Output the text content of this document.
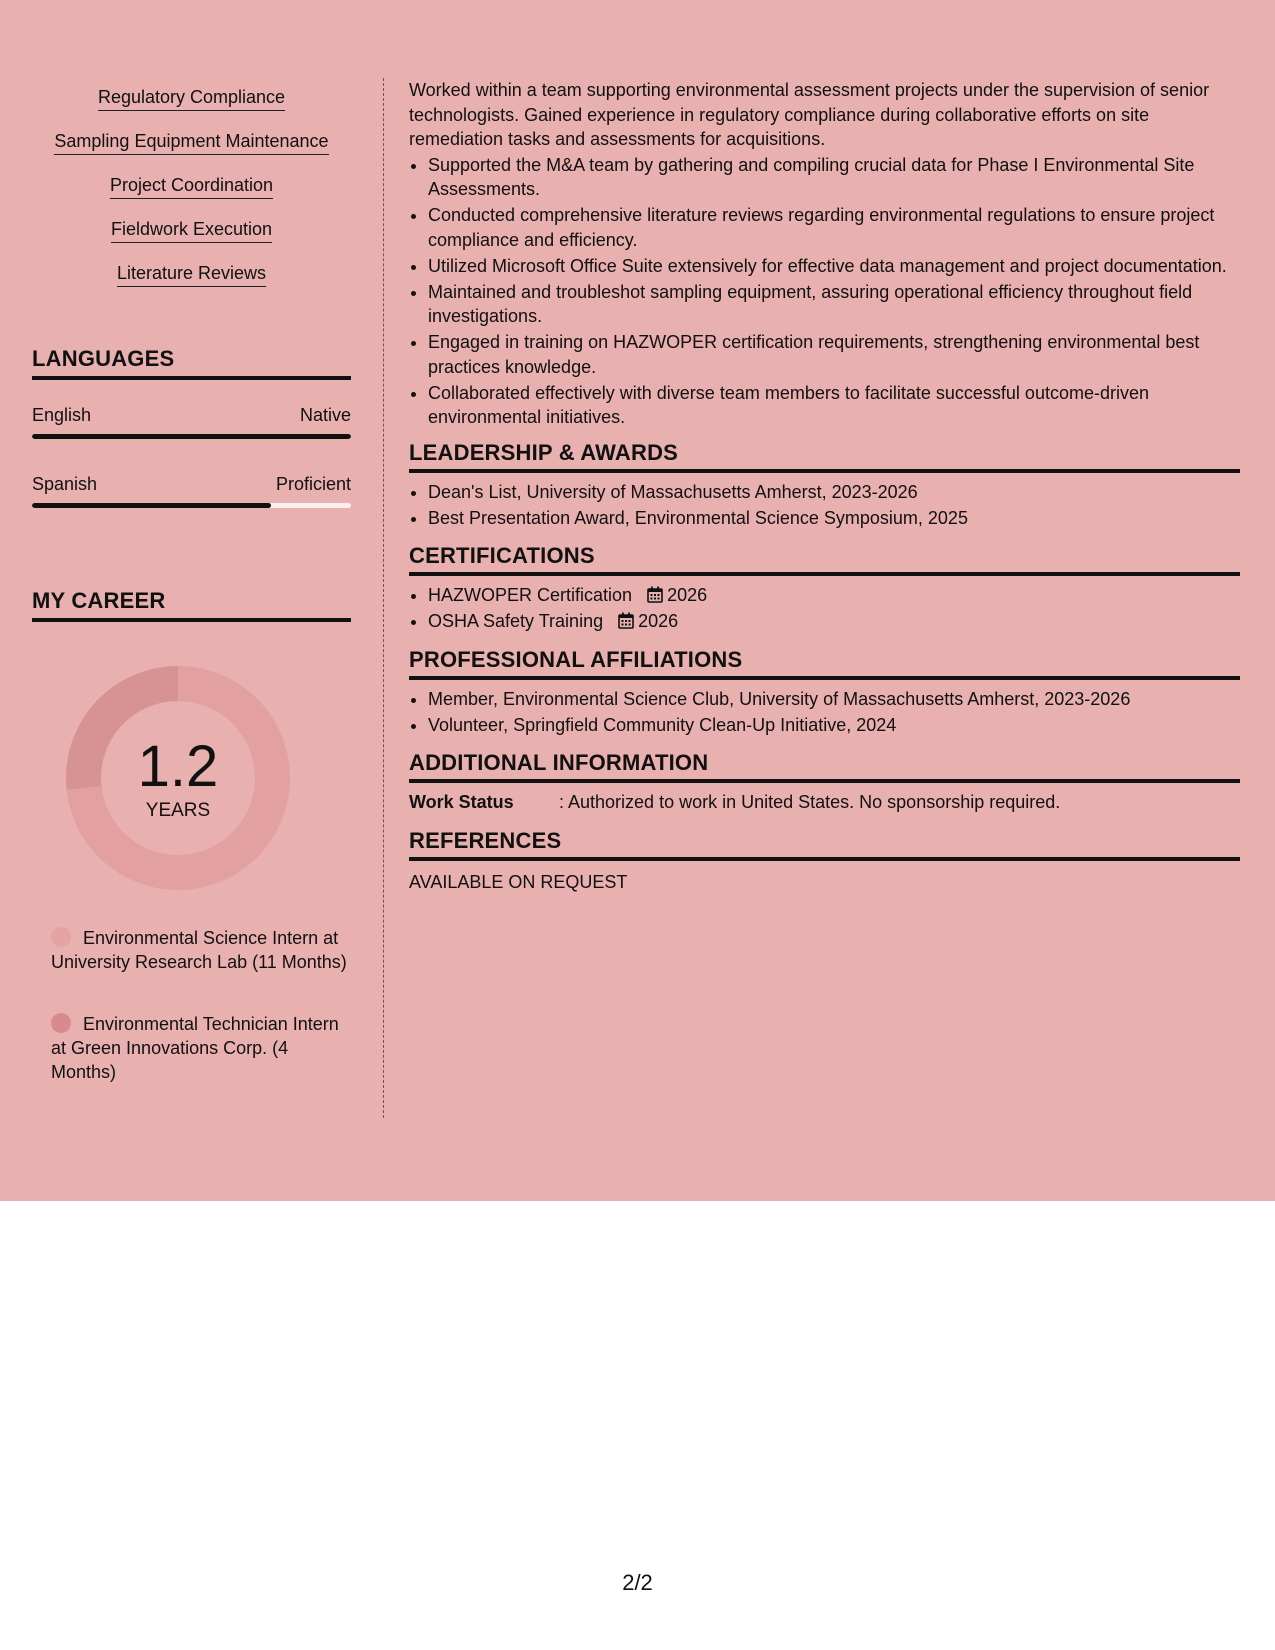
Regulatory Compliance
Sampling Equipment Maintenance
Project Coordination
Fieldwork Execution
Literature Reviews
LANGUAGES
English	Native
Spanish	Proficient
MY CAREER
1.2
YEARS
Environmental Science Intern at University Research Lab (11 Months)
Environmental Technician Intern at Green Innovations Corp. (4 Months)

Worked within a team supporting environmental assessment projects under the supervision of senior technologists. Gained experience in regulatory compliance during collaborative efforts on site remediation tasks and assessments for acquisitions.

• Supported the M&A team by gathering and compiling crucial data for Phase I Environmental Site Assessments.
• Conducted comprehensive literature reviews regarding environmental regulations to ensure project compliance and efficiency.
• Utilized Microsoft Office Suite extensively for effective data management and project documentation.
• Maintained and troubleshot sampling equipment, assuring operational efficiency throughout field investigations.
• Engaged in training on HAZWOPER certification requirements, strengthening environmental best practices knowledge.
• Collaborated effectively with diverse team members to facilitate successful outcome-driven environmental initiatives.
LEADERSHIP & AWARDS
• Dean's List, University of Massachusetts Amherst, 2023-2026
• Best Presentation Award, Environmental Science Symposium, 2025
CERTIFICATIONS
• HAZWOPER Certification 2026
• OSHA Safety Training 2026
PROFESSIONAL AFFILIATIONS
• Member, Environmental Science Club, University of Massachusetts Amherst, 2023-2026
• Volunteer, Springfield Community Clean-Up Initiative, 2024
ADDITIONAL INFORMATION
Work Status	: Authorized to work in United States. No sponsorship required.
REFERENCES
AVAILABLE ON REQUEST
2/2
